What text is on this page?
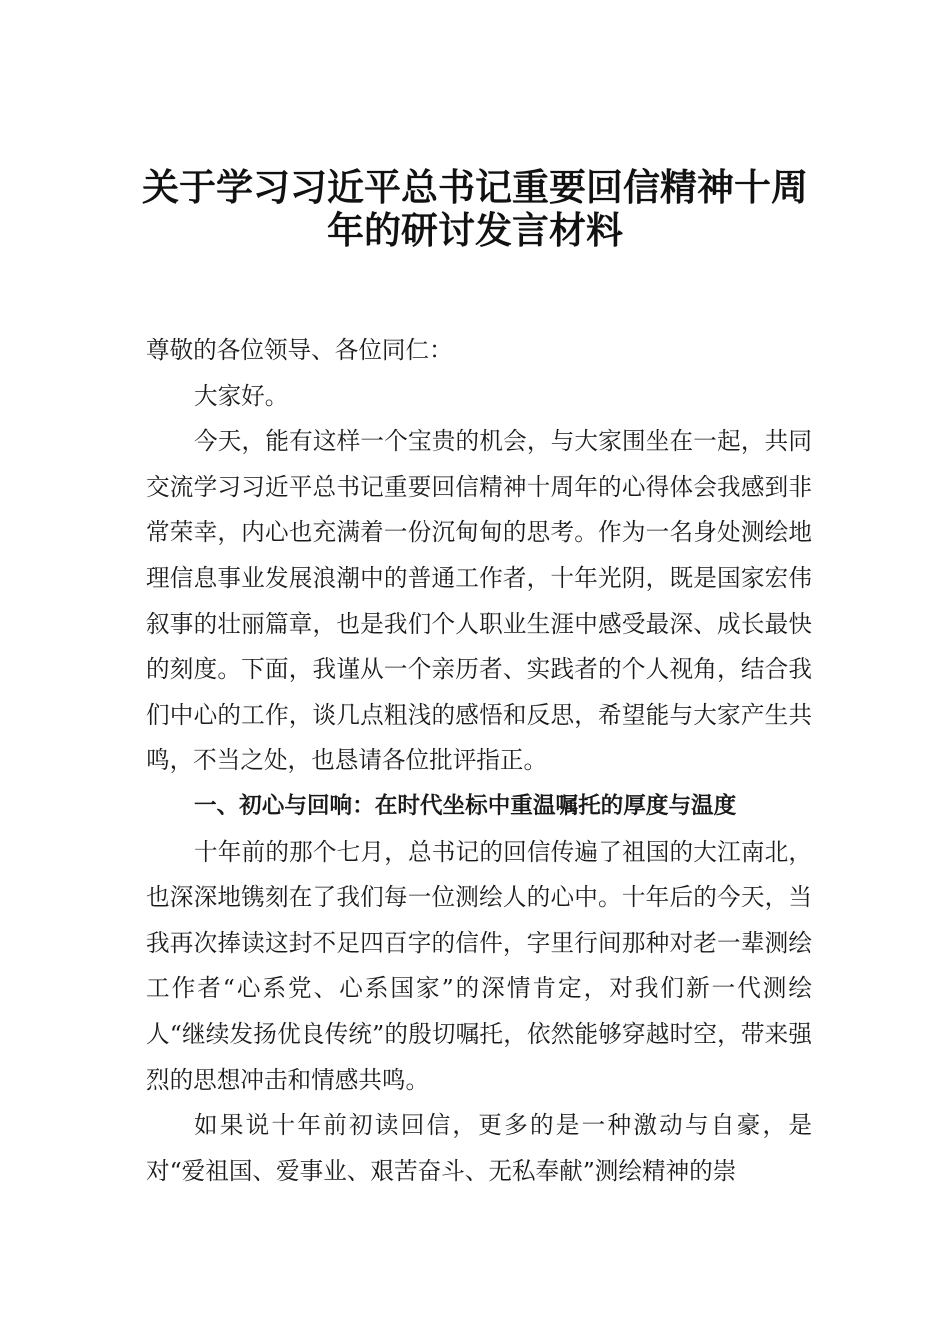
关于学习习近平总书记重要回信精神十周
年的研讨发言材料

尊敬的各位领导、各位同仁：

大家好。

今天，能有这样一个宝贵的机会，与大家围坐在一起，共同交流学习习近平总书记重要回信精神十周年的心得体会我感到非常荣幸，内心也充满着一份沉甸甸的思考。作为一名身处测绘地理信息事业发展浪潮中的普通工作者，十年光阴，既是国家宏伟叙事的壮丽篇章，也是我们个人职业生涯中感受最深、成长最快的刻度。下面，我谨从一个亲历者、实践者的个人视角，结合我们中心的工作，谈几点粗浅的感悟和反思，希望能与大家产生共鸣，不当之处，也恳请各位批评指正。

一、初心与回响：在时代坐标中重温嘱托的厚度与温度

十年前的那个七月，总书记的回信传遍了祖国的大江南北，也深深地镌刻在了我们每一位测绘人的心中。十年后的今天，当我再次捧读这封不足四百字的信件，字里行间那种对老一辈测绘工作者“心系党、心系国家”的深情肯定，对我们新一代测绘人“继续发扬优良传统”的殷切嘱托，依然能够穿越时空，带来强烈的思想冲击和情感共鸣。

如果说十年前初读回信，更多的是一种激动与自豪，是对“爱祖国、爱事业、艰苦奋斗、无私奉献”测绘精神的崇
